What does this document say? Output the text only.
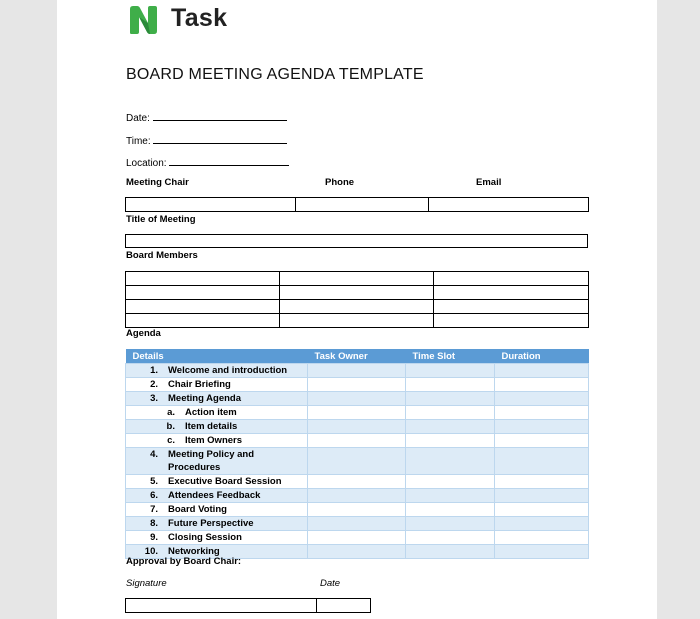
Task
BOARD MEETING AGENDA TEMPLATE
Date:
Time:
Location:
Meeting Chair	Phone	Email

Title of Meeting
Board Members

Agenda
Details	Task Owner	Time Slot	Duration
1. Welcome and introduction			
2. Chair Briefing			
3. Meeting Agenda			
a. Action item			
b. Item details			
c. Item Owners			
4. Meeting Policy and
Procedures			
5. Executive Board Session			
6. Attendees Feedback			
7. Board Voting			
8. Future Perspective			
9. Closing Session			
10. Networking			
Approval by Board Chair:
Signature	Date
